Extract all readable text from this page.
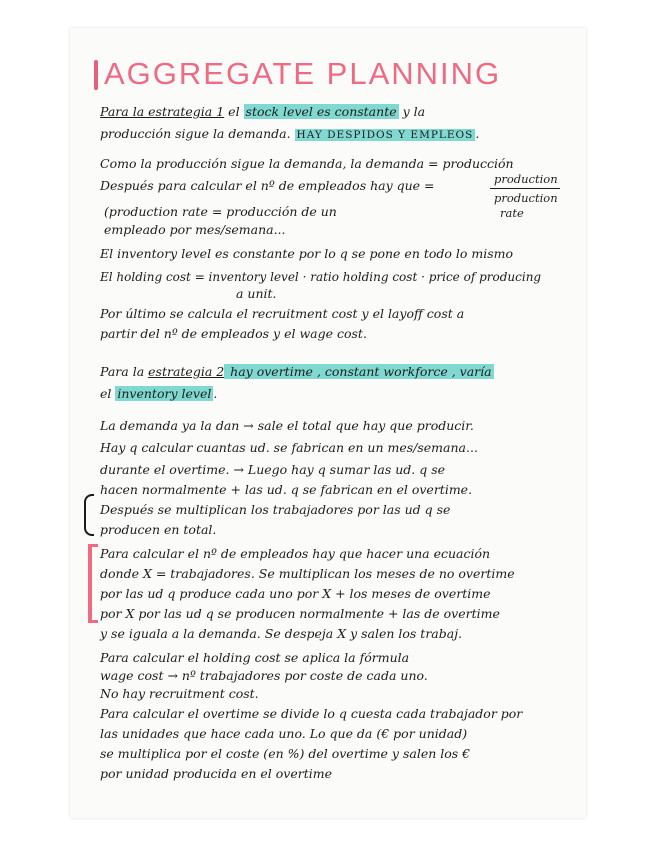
AGGREGATE PLANNING
Para la estrategia 1 el stock level es constante y la
producción sigue la demanda. HAY DESPIDOS Y EMPLEOS .
Como la producción sigue la demanda, la demanda = producción
Después para calcular el nº de empleados hay que =	production
production
rate
(production rate = producción de un
empleado por mes/semana...
El inventory level es constante por lo q se pone en todo lo mismo
El holding cost = inventory level · ratio holding cost · price of producing
a unit.
Por último se calcula el recruitment cost y el layoff cost a
partir del nº de empleados y el wage cost.
Para la estrategia 2 hay overtime , constant workforce , varía
el inventory level .
La demanda ya la dan → sale el total que hay que producir.
Hay q calcular cuantas ud. se fabrican en un mes/semana...
durante el overtime. → Luego hay q sumar las ud. q se
hacen normalmente + las ud. q se fabrican en el overtime.
Después se multiplican los trabajadores por las ud q se
producen en total.
Para calcular el nº de empleados hay que hacer una ecuación
donde X = trabajadores. Se multiplican los meses de no overtime
por las ud q produce cada uno por X + los meses de overtime
por X por las ud q se producen normalmente + las de overtime
y se iguala a la demanda. Se despeja X y salen los trabaj.
Para calcular el holding cost se aplica la fórmula
wage cost → nº trabajadores por coste de cada uno.
No hay recruitment cost.
Para calcular el overtime se divide lo q cuesta cada trabajador por
las unidades que hace cada uno. Lo que da (€ por unidad)
se multiplica por el coste (en %) del overtime y salen los €
por unidad producida en el overtime
